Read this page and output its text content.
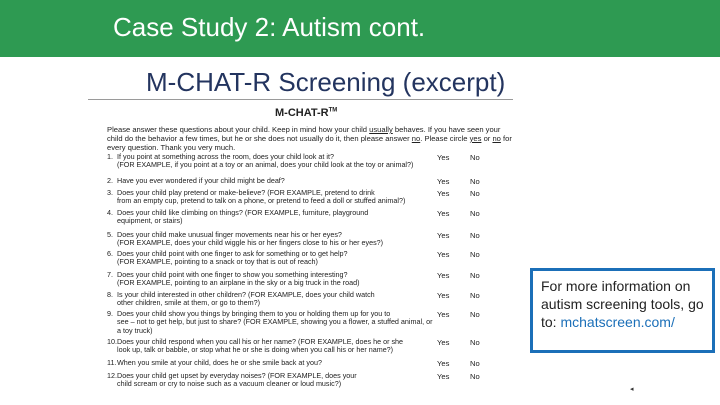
Case Study 2: Autism cont.
M-CHAT-R Screening (excerpt)
M-CHAT-R™
Please answer these questions about your child. Keep in mind how your child usually behaves. If you have seen your child do the behavior a few times, but he or she does not usually do it, then please answer no. Please circle yes or no for every question. Thank you very much.
1. If you point at something across the room, does your child look at it?
(FOR EXAMPLE, if you point at a toy or an animal, does your child look at the toy or animal?)
Yes	No
2. Have you ever wondered if your child might be deaf?	Yes	No
3. Does your child play pretend or make-believe? (FOR EXAMPLE, pretend to drink
from an empty cup, pretend to talk on a phone, or pretend to feed a doll or stuffed animal?)
Yes	No
4. Does your child like climbing on things? (FOR EXAMPLE, furniture, playground
equipment, or stairs)
Yes	No
5. Does your child make unusual finger movements near his or her eyes?
(FOR EXAMPLE, does your child wiggle his or her fingers close to his or her eyes?)
Yes	No
6. Does your child point with one finger to ask for something or to get help?
(FOR EXAMPLE, pointing to a snack or toy that is out of reach)
Yes	No
7. Does your child point with one finger to show you something interesting?
(FOR EXAMPLE, pointing to an airplane in the sky or a big truck in the road)
Yes	No
8. Is your child interested in other children? (FOR EXAMPLE, does your child watch
other children, smile at them, or go to them?)
Yes	No
9. Does your child show you things by bringing them to you or holding them up for you to
see – not to get help, but just to share? (FOR EXAMPLE, showing you a flower, a stuffed animal, or a toy truck)
Yes	No
10.Does your child respond when you call his or her name? (FOR EXAMPLE, does he or she
look up, talk or babble, or stop what he or she is doing when you call his or her name?)
Yes	No
11.When you smile at your child, does he or she smile back at you?	Yes	No
12.Does your child get upset by everyday noises? (FOR EXAMPLE, does your
child scream or cry to noise such as a vacuum cleaner or loud music?)
Yes	No
For more information on autism screening tools, go to: mchatscreen.com/
◂
